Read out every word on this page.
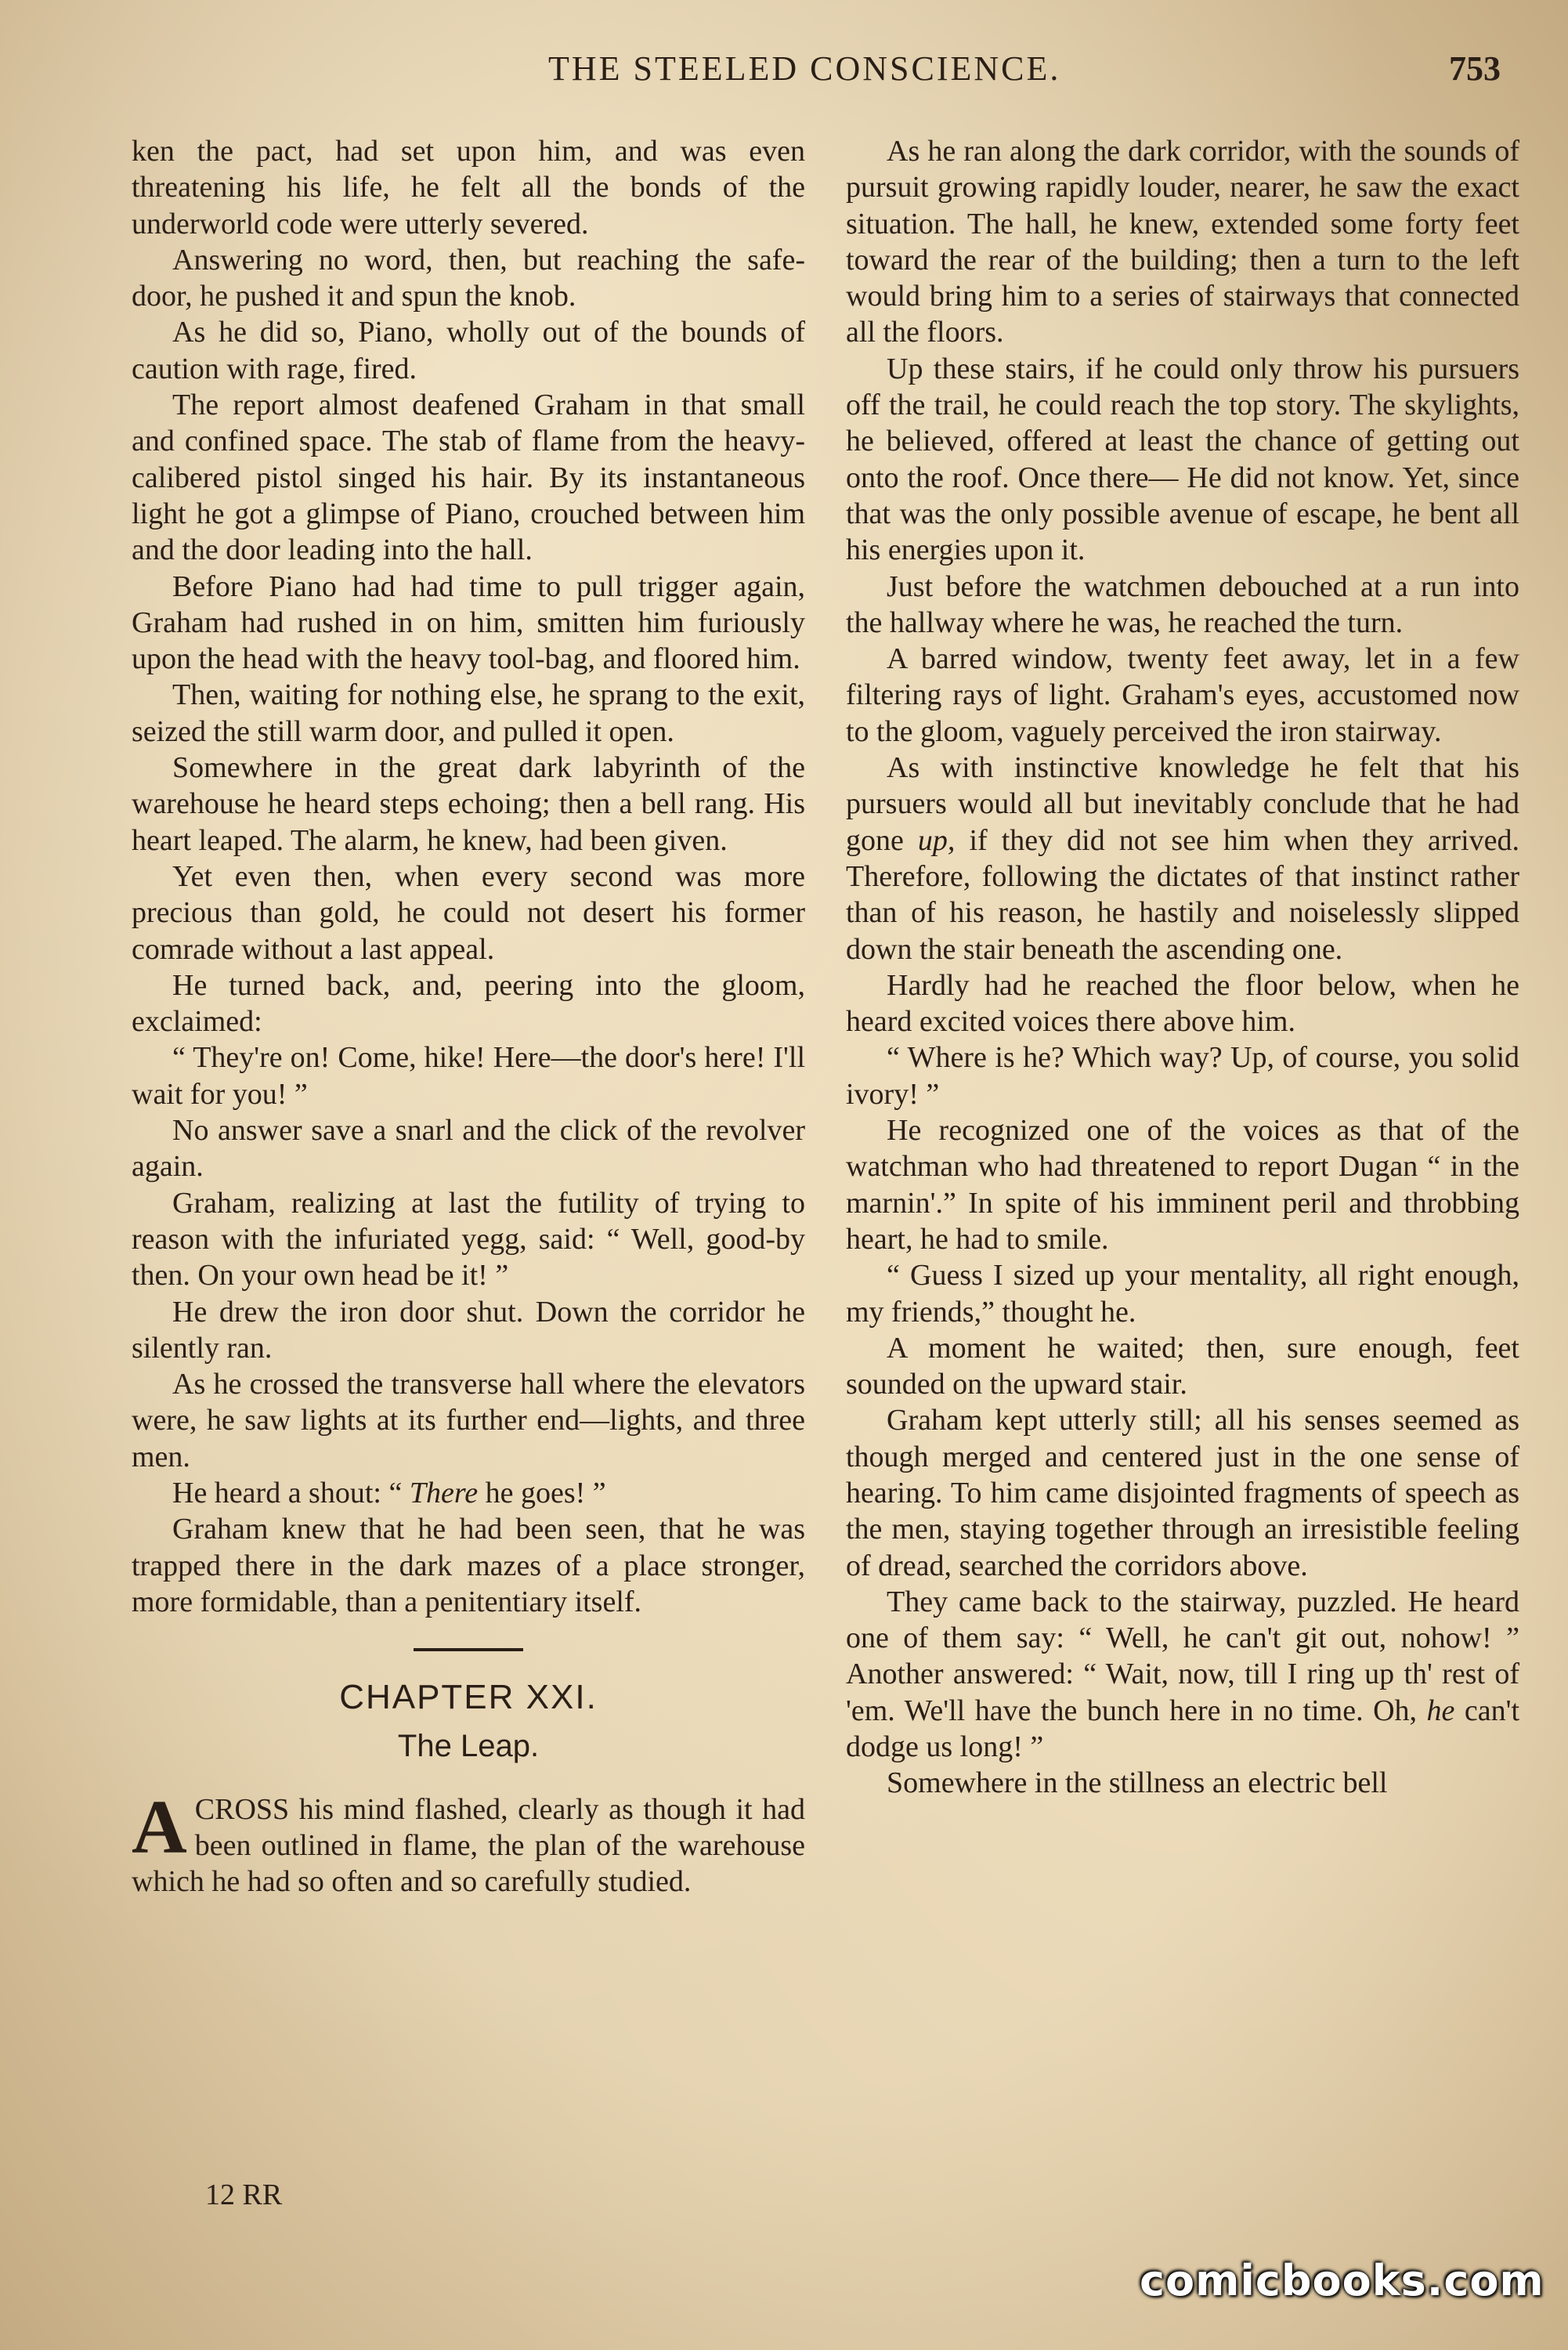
THE STEELED CONSCIENCE.	753

ken the pact, had set upon him, and was even threatening his life, he felt all the bonds of the underworld code were utterly severed.

Answering no word, then, but reaching the safe-door, he pushed it and spun the knob.

As he did so, Piano, wholly out of the bounds of caution with rage, fired.

The report almost deafened Graham in that small and confined space. The stab of flame from the heavy-calibered pistol singed his hair. By its instantaneous light he got a glimpse of Piano, crouched between him and the door leading into the hall.

Before Piano had had time to pull trigger again, Graham had rushed in on him, smitten him furiously upon the head with the heavy tool-bag, and floored him.

Then, waiting for nothing else, he sprang to the exit, seized the still warm door, and pulled it open.

Somewhere in the great dark labyrinth of the warehouse he heard steps echoing; then a bell rang. His heart leaped. The alarm, he knew, had been given.

Yet even then, when every second was more precious than gold, he could not desert his former comrade without a last appeal.

He turned back, and, peering into the gloom, exclaimed:

“ They're on! Come, hike! Here—the door's here! I'll wait for you! ”

No answer save a snarl and the click of the revolver again.

Graham, realizing at last the futility of trying to reason with the infuriated yegg, said: “ Well, good-by then. On your own head be it! ”

He drew the iron door shut. Down the corridor he silently ran.

As he crossed the transverse hall where the elevators were, he saw lights at its further end—lights, and three men.

He heard a shout: “ There he goes! ”

Graham knew that he had been seen, that he was trapped there in the dark mazes of a place stronger, more formidable, than a penitentiary itself.

CHAPTER XXI.
The Leap.

ACROSS his mind flashed, clearly as though it had been outlined in flame, the plan of the warehouse which he had so often and so carefully studied.

As he ran along the dark corridor, with the sounds of pursuit growing rapidly louder, nearer, he saw the exact situation. The hall, he knew, extended some forty feet toward the rear of the building; then a turn to the left would bring him to a series of stairways that connected all the floors.

Up these stairs, if he could only throw his pursuers off the trail, he could reach the top story. The skylights, he believed, offered at least the chance of getting out onto the roof. Once there— He did not know. Yet, since that was the only possible avenue of escape, he bent all his energies upon it.

Just before the watchmen debouched at a run into the hallway where he was, he reached the turn.

A barred window, twenty feet away, let in a few filtering rays of light. Graham's eyes, accustomed now to the gloom, vaguely perceived the iron stairway.

As with instinctive knowledge he felt that his pursuers would all but inevitably conclude that he had gone up, if they did not see him when they arrived. Therefore, following the dictates of that instinct rather than of his reason, he hastily and noiselessly slipped down the stair beneath the ascending one.

Hardly had he reached the floor below, when he heard excited voices there above him.

“ Where is he? Which way? Up, of course, you solid ivory! ”

He recognized one of the voices as that of the watchman who had threatened to report Dugan “ in the marnin'.” In spite of his imminent peril and throbbing heart, he had to smile.

“ Guess I sized up your mentality, all right enough, my friends,” thought he.

A moment he waited; then, sure enough, feet sounded on the upward stair.

Graham kept utterly still; all his senses seemed as though merged and centered just in the one sense of hearing. To him came disjointed fragments of speech as the men, staying together through an irresistible feeling of dread, searched the corridors above.

They came back to the stairway, puzzled. He heard one of them say: “ Well, he can't git out, nohow! ” Another answered: “ Wait, now, till I ring up th' rest of 'em. We'll have the bunch here in no time. Oh, he can't dodge us long! ”

Somewhere in the stillness an electric bell

12 RR
comicbooks.com
